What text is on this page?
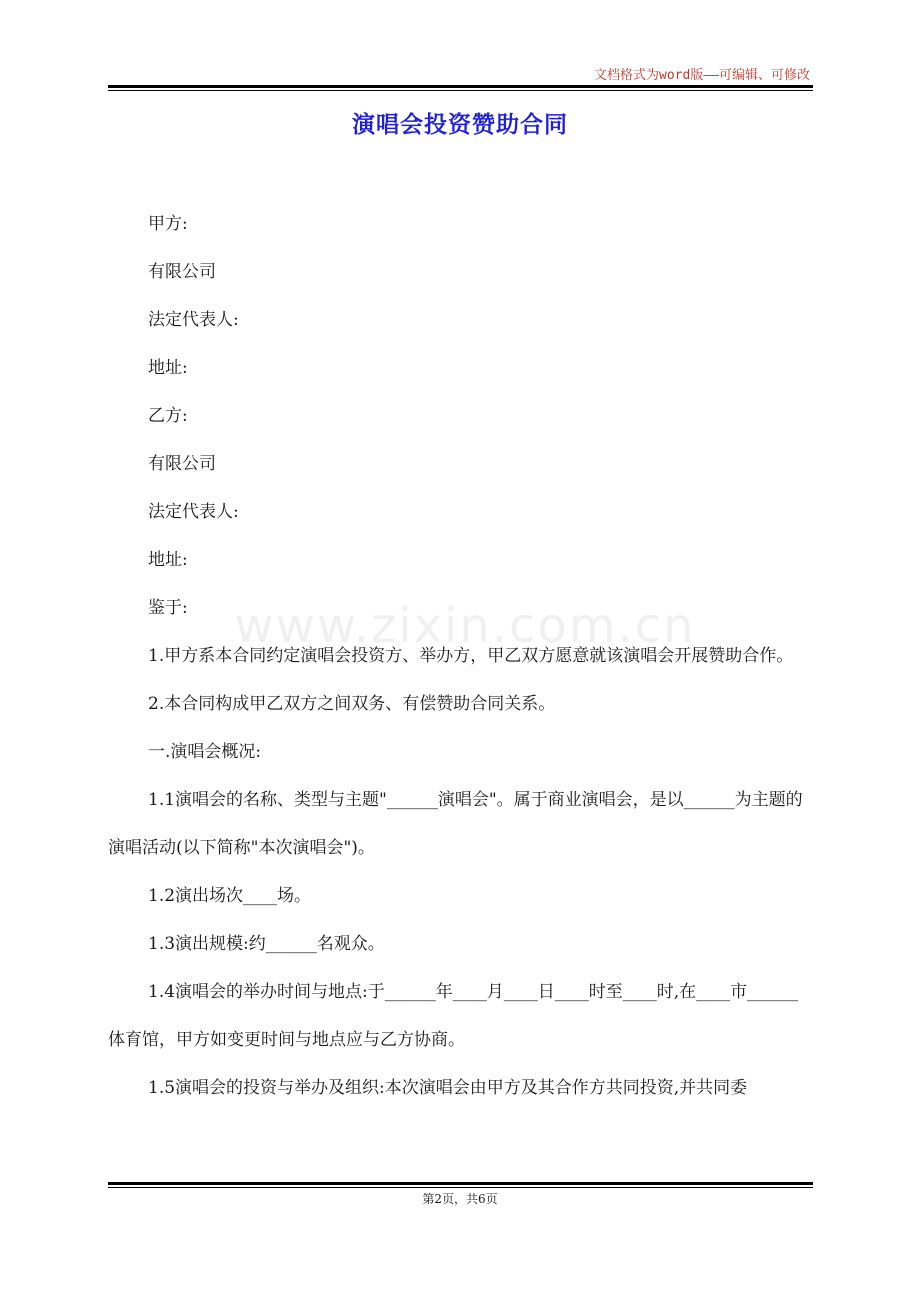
文档格式为word版——可编辑、可修改
演唱会投资赞助合同
www.zixin.com.cn

甲方:

有限公司

法定代表人:

地址:

乙方:

有限公司

法定代表人:

地址:

鉴于:

1.甲方系本合同约定演唱会投资方、举办方，甲乙双方愿意就该演唱会开展赞助合作。

2.本合同构成甲乙双方之间双务、有偿赞助合同关系。

一.演唱会概况:

1.1演唱会的名称、类型与主题"______演唱会"。属于商业演唱会，是以______为主题的演唱活动(以下简称"本次演唱会")。

1.2演出场次____场。

1.3演出规模:约______名观众。

1.4演唱会的举办时间与地点:于______年____月____日____时至____时,在____市______体育馆，甲方如变更时间与地点应与乙方协商。

1.5演唱会的投资与举办及组织:本次演唱会由甲方及其合作方共同投资,并共同委

第2页，共6页
